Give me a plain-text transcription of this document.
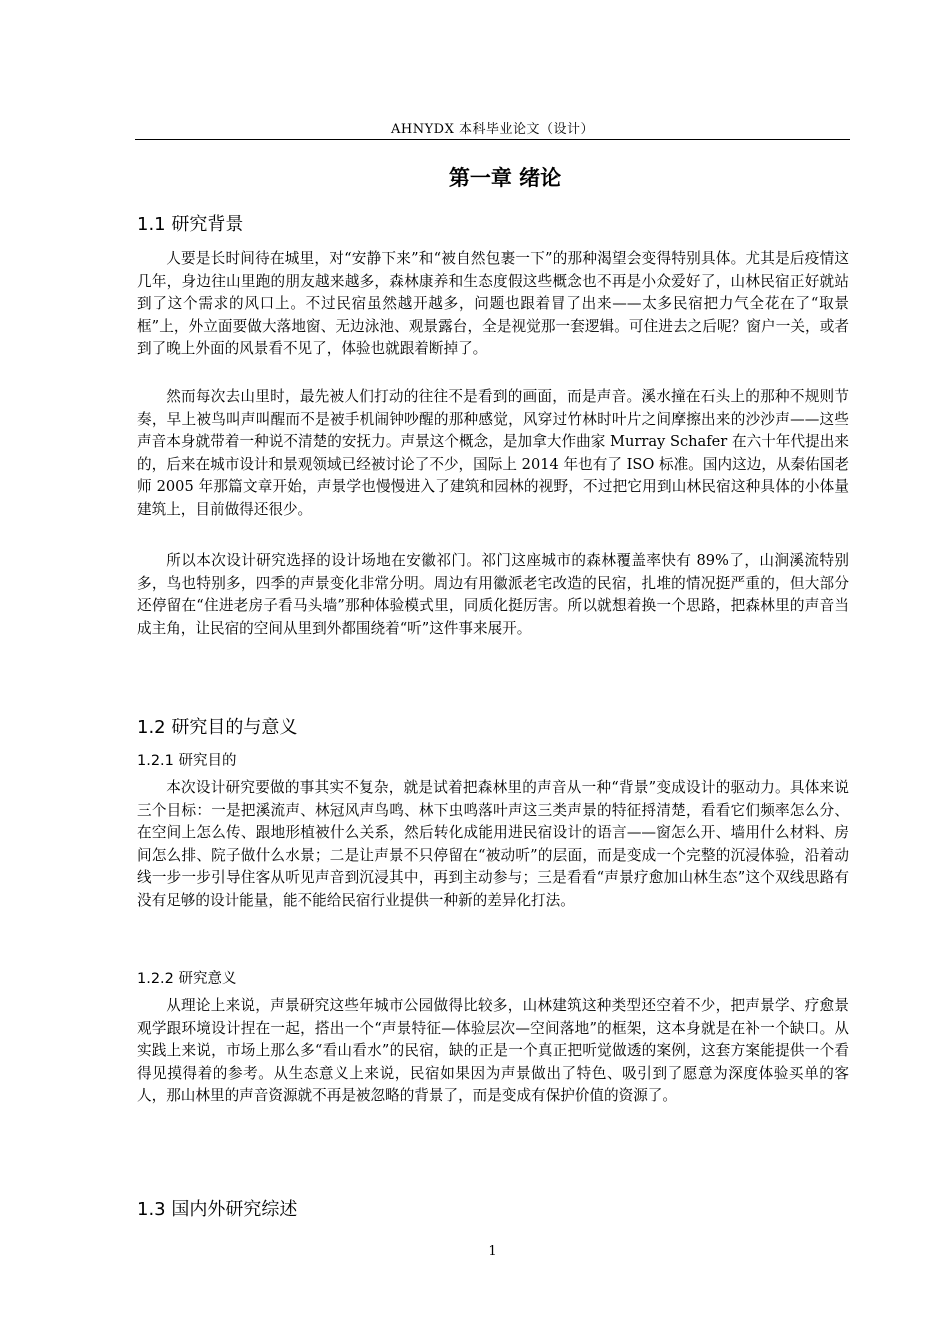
AHNYDX 本科毕业论文（设计）
第一章 绪论
1.1 研究背景

人要是长时间待在城里，对“安静下来”和“被自然包裹一下”的那种渴望会变得特别具体。尤其是后疫情这几年，身边往山里跑的朋友越来越多，森林康养和生态度假这些概念也不再是小众爱好了，山林民宿正好就站到了这个需求的风口上。不过民宿虽然越开越多，问题也跟着冒了出来——太多民宿把力气全花在了“取景框”上，外立面要做大落地窗、无边泳池、观景露台，全是视觉那一套逻辑。可住进去之后呢？窗户一关，或者到了晚上外面的风景看不见了，体验也就跟着断掉了。

然而每次去山里时，最先被人们打动的往往不是看到的画面，而是声音。溪水撞在石头上的那种不规则节奏，早上被鸟叫声叫醒而不是被手机闹钟吵醒的那种感觉，风穿过竹林时叶片之间摩擦出来的沙沙声——这些声音本身就带着一种说不清楚的安抚力。声景这个概念，是加拿大作曲家 Murray Schafer 在六十年代提出来的，后来在城市设计和景观领域已经被讨论了不少，国际上 2014 年也有了 ISO 标准。国内这边，从秦佑国老师 2005 年那篇文章开始，声景学也慢慢进入了建筑和园林的视野，不过把它用到山林民宿这种具体的小体量建筑上，目前做得还很少。

所以本次设计研究选择的设计场地在安徽祁门。祁门这座城市的森林覆盖率快有 89%了，山涧溪流特别多，鸟也特别多，四季的声景变化非常分明。周边有用徽派老宅改造的民宿，扎堆的情况挺严重的，但大部分还停留在“住进老房子看马头墙”那种体验模式里，同质化挺厉害。所以就想着换一个思路，把森林里的声音当成主角，让民宿的空间从里到外都围绕着“听”这件事来展开。

1.2 研究目的与意义
1.2.1 研究目的

本次设计研究要做的事其实不复杂，就是试着把森林里的声音从一种“背景”变成设计的驱动力。具体来说三个目标：一是把溪流声、林冠风声鸟鸣、林下虫鸣落叶声这三类声景的特征捋清楚，看看它们频率怎么分、在空间上怎么传、跟地形植被什么关系，然后转化成能用进民宿设计的语言——窗怎么开、墙用什么材料、房间怎么排、院子做什么水景；二是让声景不只停留在“被动听”的层面，而是变成一个完整的沉浸体验，沿着动线一步一步引导住客从听见声音到沉浸其中，再到主动参与；三是看看“声景疗愈加山林生态”这个双线思路有没有足够的设计能量，能不能给民宿行业提供一种新的差异化打法。

1.2.2 研究意义

从理论上来说，声景研究这些年城市公园做得比较多，山林建筑这种类型还空着不少，把声景学、疗愈景观学跟环境设计捏在一起，搭出一个“声景特征—体验层次—空间落地”的框架，这本身就是在补一个缺口。从实践上来说，市场上那么多“看山看水”的民宿，缺的正是一个真正把听觉做透的案例，这套方案能提供一个看得见摸得着的参考。从生态意义上来说，民宿如果因为声景做出了特色、吸引到了愿意为深度体验买单的客人，那山林里的声音资源就不再是被忽略的背景了，而是变成有保护价值的资源了。

1.3 国内外研究综述
1
